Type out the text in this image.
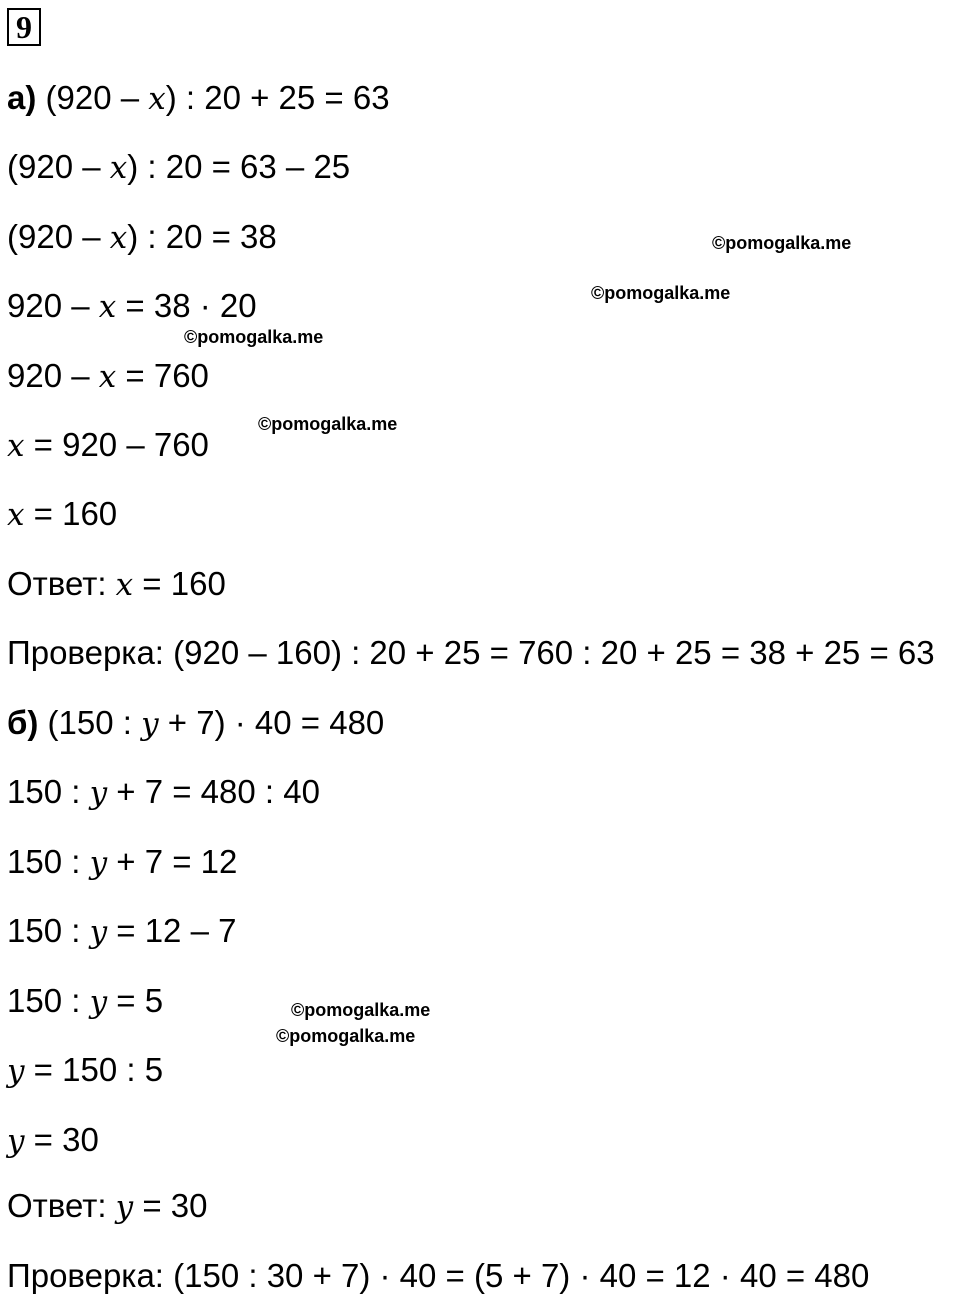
9
а) (920 – x) : 20 + 25 = 63
(920 – x) : 20 = 63 – 25
(920 – x) : 20 = 38
920 – x = 38 · 20
920 – x = 760
x = 920 – 760
x = 160
Ответ: x = 160
Проверка: (920 – 160) : 20 + 25 = 760 : 20 + 25 = 38 + 25 = 63
б) (150 : y + 7) · 40 = 480
150 : y + 7 = 480 : 40
150 : y + 7 = 12
150 : y = 12 – 7
150 : y = 5
y = 150 : 5
y = 30
Ответ: y = 30
Проверка: (150 : 30 + 7) · 40 = (5 + 7) · 40 = 12 · 40 = 480
©pomogalka.me
©pomogalka.me
©pomogalka.me
©pomogalka.me
©pomogalka.me
©pomogalka.me
